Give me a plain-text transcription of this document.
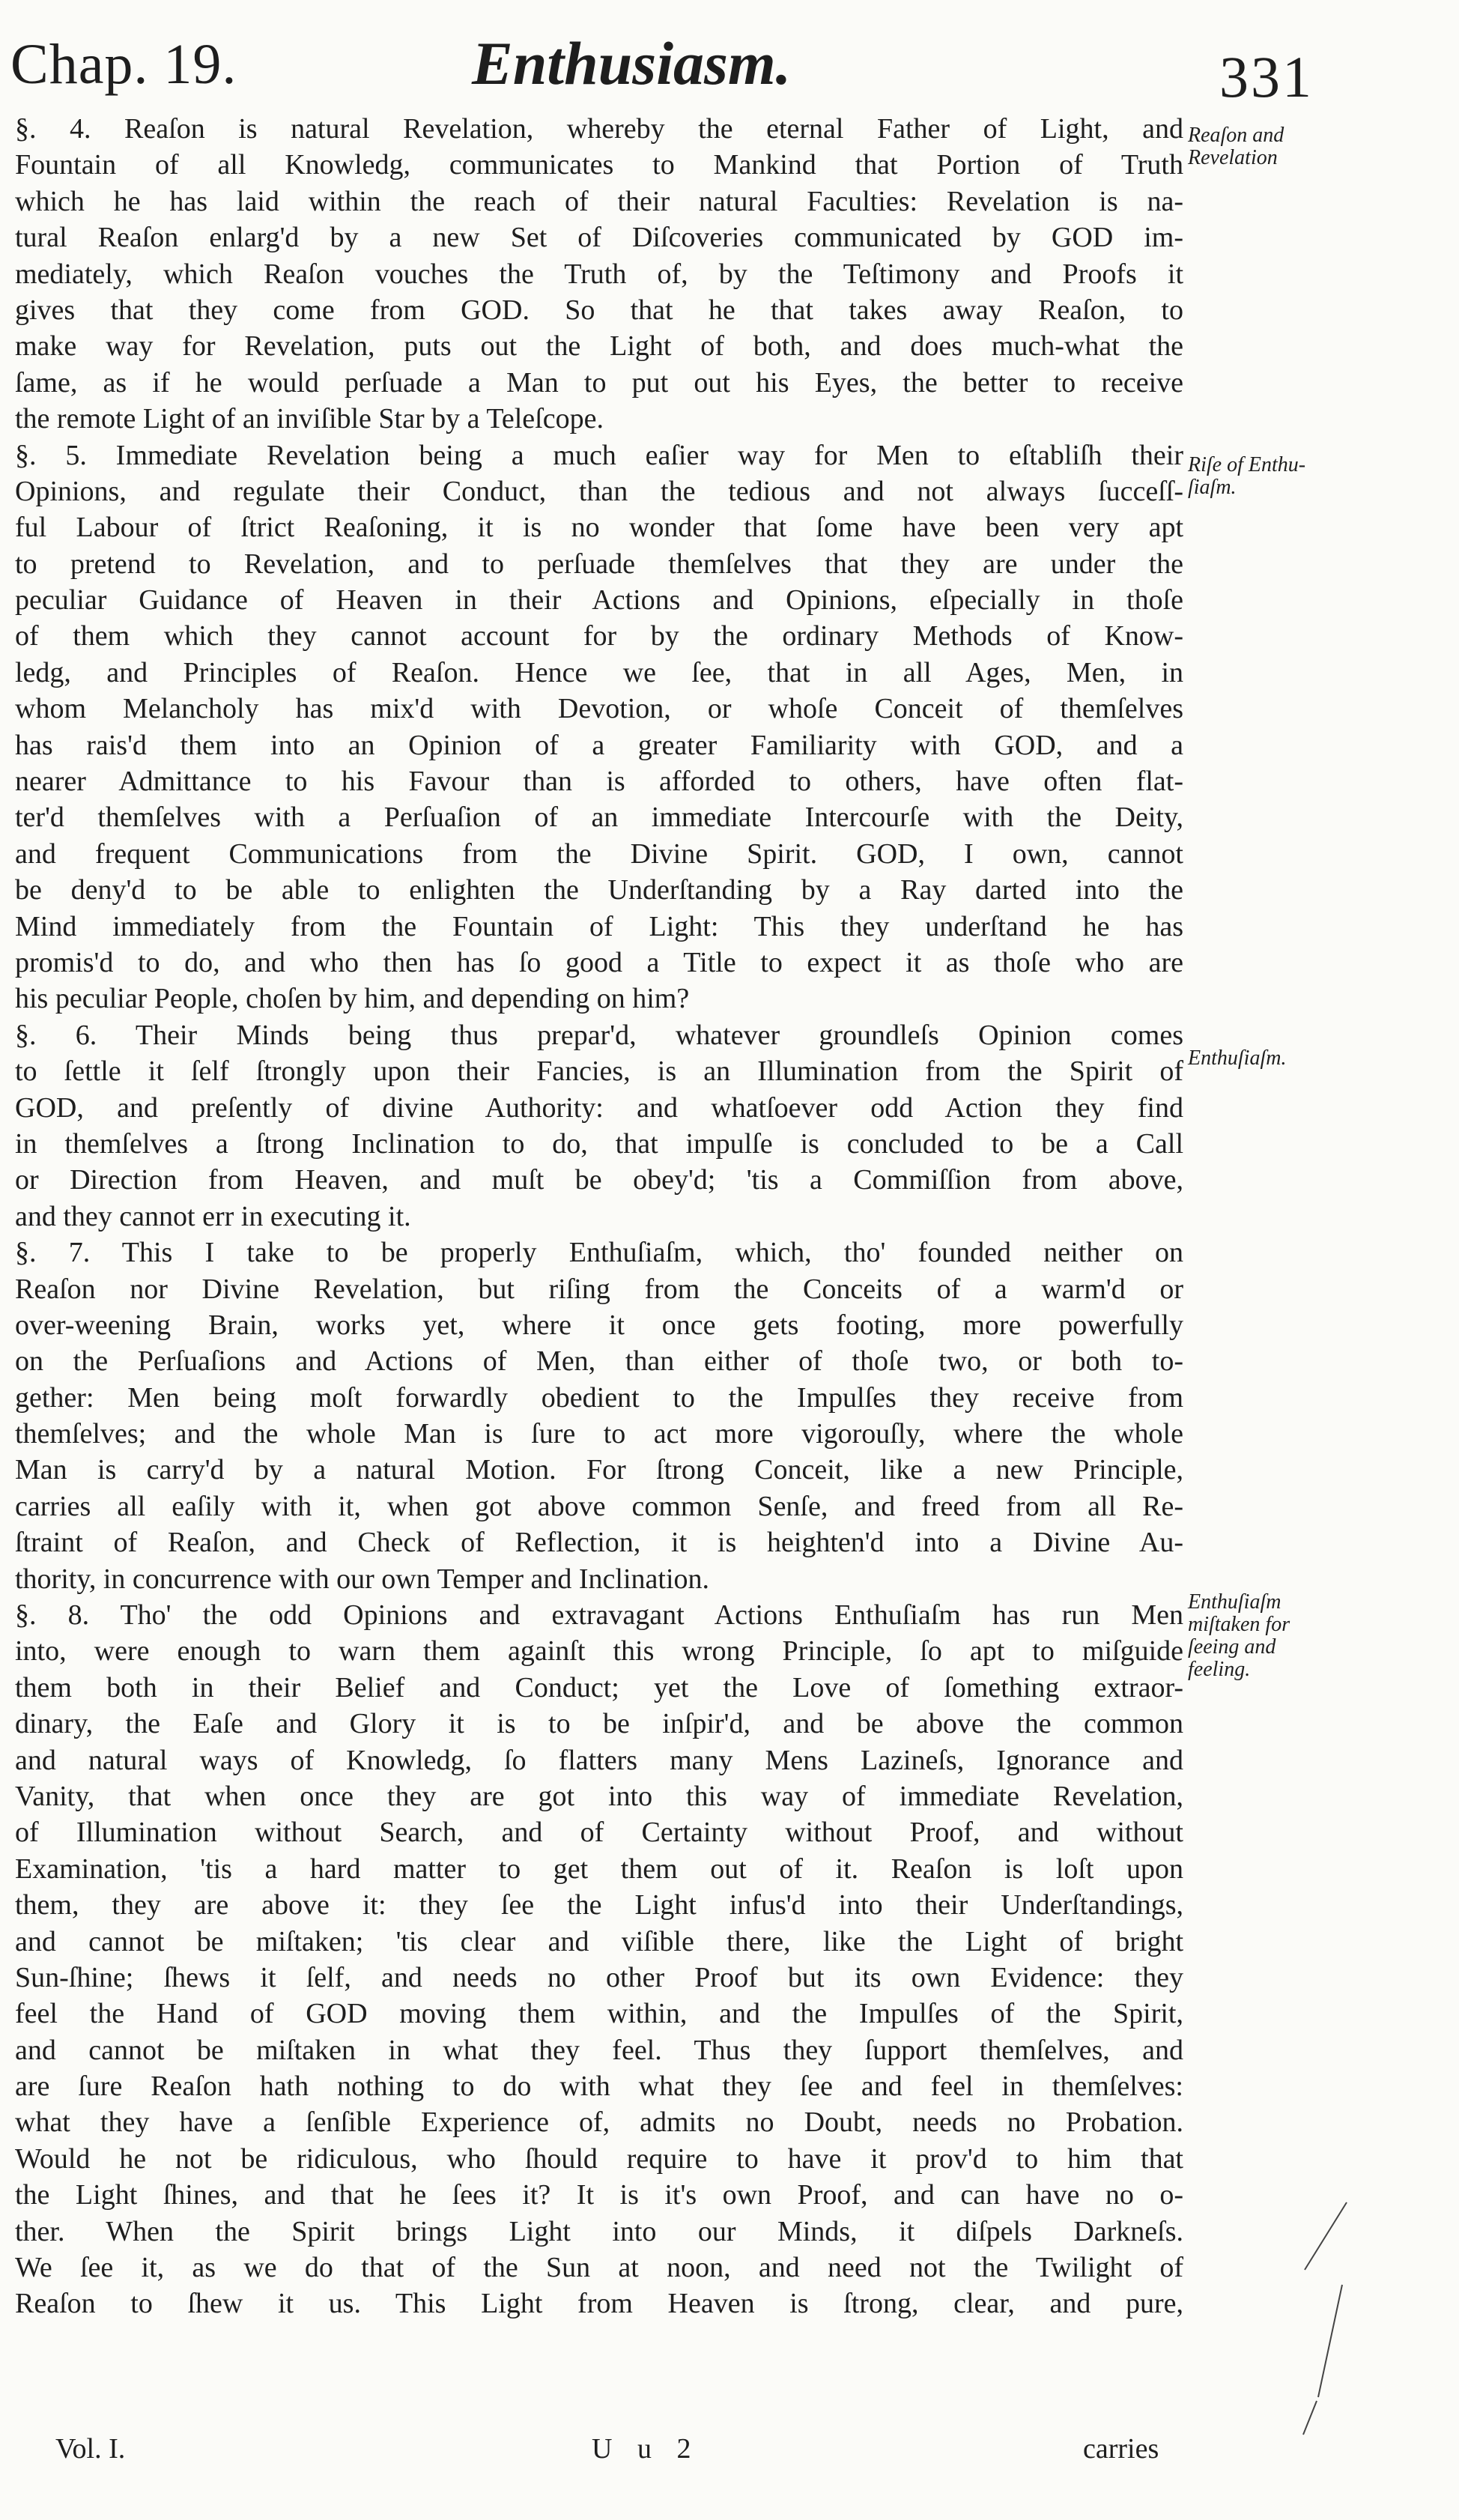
Chap. 19.	Enthusiasm.	331
§. 4. Reaſon is natural Revelation, whereby the eternal Father of Light, and
Fountain of all Knowledg, communicates to Mankind that Portion of Truth
which he has laid within the reach of their natural Faculties: Revelation is na-
tural Reaſon enlarg'd by a new Set of Diſcoveries communicated by GOD im-
mediately, which Reaſon vouches the Truth of, by the Teſtimony and Proofs it
gives that they come from GOD. So that he that takes away Reaſon, to
make way for Revelation, puts out the Light of both, and does much-what the
ſame, as if he would perſuade a Man to put out his Eyes, the better to receive
the remote Light of an inviſible Star by a Teleſcope.
§. 5. Immediate Revelation being a much eaſier way for Men to eſtabliſh their
Opinions, and regulate their Conduct, than the tedious and not always ſucceſſ-
ful Labour of ſtrict Reaſoning, it is no wonder that ſome have been very apt
to pretend to Revelation, and to perſuade themſelves that they are under the
peculiar Guidance of Heaven in their Actions and Opinions, eſpecially in thoſe
of them which they cannot account for by the ordinary Methods of Know-
ledg, and Principles of Reaſon. Hence we ſee, that in all Ages, Men, in
whom Melancholy has mix'd with Devotion, or whoſe Conceit of themſelves
has rais'd them into an Opinion of a greater Familiarity with GOD, and a
nearer Admittance to his Favour than is afforded to others, have often flat-
ter'd themſelves with a Perſuaſion of an immediate Intercourſe with the Deity,
and frequent Communications from the Divine Spirit. GOD, I own, cannot
be deny'd to be able to enlighten the Underſtanding by a Ray darted into the
Mind immediately from the Fountain of Light: This they underſtand he has
promis'd to do, and who then has ſo good a Title to expect it as thoſe who are
his peculiar People, choſen by him, and depending on him?
§. 6. Their Minds being thus prepar'd, whatever groundleſs Opinion comes
to ſettle it ſelf ſtrongly upon their Fancies, is an Illumination from the Spirit of
GOD, and preſently of divine Authority: and whatſoever odd Action they find
in themſelves a ſtrong Inclination to do, that impulſe is concluded to be a Call
or Direction from Heaven, and muſt be obey'd; 'tis a Commiſſion from above,
and they cannot err in executing it.
§. 7. This I take to be properly Enthuſiaſm, which, tho' founded neither on
Reaſon nor Divine Revelation, but riſing from the Conceits of a warm'd or
over-weening Brain, works yet, where it once gets footing, more powerfully
on the Perſuaſions and Actions of Men, than either of thoſe two, or both to-
gether: Men being moſt forwardly obedient to the Impulſes they receive from
themſelves; and the whole Man is ſure to act more vigorouſly, where the whole
Man is carry'd by a natural Motion. For ſtrong Conceit, like a new Principle,
carries all eaſily with it, when got above common Senſe, and freed from all Re-
ſtraint of Reaſon, and Check of Reflection, it is heighten'd into a Divine Au-
thority, in concurrence with our own Temper and Inclination.
§. 8. Tho' the odd Opinions and extravagant Actions Enthuſiaſm has run Men
into, were enough to warn them againſt this wrong Principle, ſo apt to miſguide
them both in their Belief and Conduct; yet the Love of ſomething extraor-
dinary, the Eaſe and Glory it is to be inſpir'd, and be above the common
and natural ways of Knowledg, ſo flatters many Mens Lazineſs, Ignorance and
Vanity, that when once they are got into this way of immediate Revelation,
of Illumination without Search, and of Certainty without Proof, and without
Examination, 'tis a hard matter to get them out of it. Reaſon is loſt upon
them, they are above it: they ſee the Light infus'd into their Underſtandings,
and cannot be miſtaken; 'tis clear and viſible there, like the Light of bright
Sun-ſhine; ſhews it ſelf, and needs no other Proof but its own Evidence: they
feel the Hand of GOD moving them within, and the Impulſes of the Spirit,
and cannot be miſtaken in what they feel. Thus they ſupport themſelves, and
are ſure Reaſon hath nothing to do with what they ſee and feel in themſelves:
what they have a ſenſible Experience of, admits no Doubt, needs no Probation.
Would he not be ridiculous, who ſhould require to have it prov'd to him that
the Light ſhines, and that he ſees it? It is it's own Proof, and can have no o-
ther. When the Spirit brings Light into our Minds, it diſpels Darkneſs.
We ſee it, as we do that of the Sun at noon, and need not the Twilight of
Reaſon to ſhew it us. This Light from Heaven is ſtrong, clear, and pure,
Reaſon and
Revelation
Riſe of Enthu-
ſiaſm.
Enthuſiaſm.
Enthuſiaſm
miſtaken for
ſeeing and
feeling.
Vol. I.	U u 2	carries
